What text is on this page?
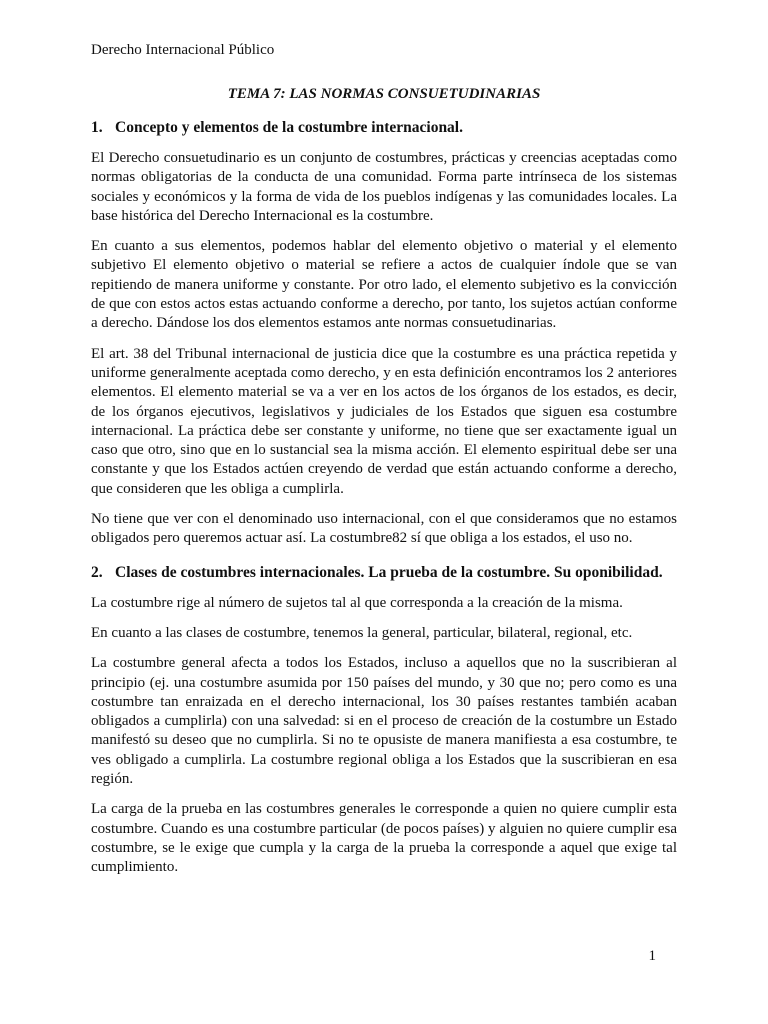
Derecho Internacional Público
TEMA 7: LAS NORMAS CONSUETUDINARIAS
1. Concepto y elementos de la costumbre internacional.

El Derecho consuetudinario es un conjunto de costumbres, prácticas y creencias aceptadas como normas obligatorias de la conducta de una comunidad. Forma parte intrínseca de los sistemas sociales y económicos y la forma de vida de los pueblos indígenas y las comunidades locales. La base histórica del Derecho Internacional es la costumbre.

En cuanto a sus elementos, podemos hablar del elemento objetivo o material y el elemento subjetivo El elemento objetivo o material se refiere a actos de cualquier índole que se van repitiendo de manera uniforme y constante. Por otro lado, el elemento subjetivo es la convicción de que con estos actos estas actuando conforme a derecho, por tanto, los sujetos actúan conforme a derecho. Dándose los dos elementos estamos ante normas consuetudinarias.

El art. 38 del Tribunal internacional de justicia dice que la costumbre es una práctica repetida y uniforme generalmente aceptada como derecho, y en esta definición encontramos los 2 anteriores elementos. El elemento material se va a ver en los actos de los órganos de los estados, es decir, de los órganos ejecutivos, legislativos y judiciales de los Estados que siguen esa costumbre internacional. La práctica debe ser constante y uniforme, no tiene que ser exactamente igual un caso que otro, sino que en lo sustancial sea la misma acción. El elemento espiritual debe ser una constante y que los Estados actúen creyendo de verdad que están actuando conforme a derecho, que consideren que les obliga a cumplirla.

No tiene que ver con el denominado uso internacional, con el que consideramos que no estamos obligados pero queremos actuar así. La costumbre82 sí que obliga a los estados, el uso no.

2. Clases de costumbres internacionales. La prueba de la costumbre. Su oponibilidad.

La costumbre rige al número de sujetos tal al que corresponda a la creación de la misma.

En cuanto a las clases de costumbre, tenemos la general, particular, bilateral, regional, etc.

La costumbre general afecta a todos los Estados, incluso a aquellos que no la suscribieran al principio (ej. una costumbre asumida por 150 países del mundo, y 30 que no; pero como es una costumbre tan enraizada en el derecho internacional, los 30 países restantes también acaban obligados a cumplirla) con una salvedad: si en el proceso de creación de la costumbre un Estado manifestó su deseo que no cumplirla. Si no te opusiste de manera manifiesta a esa costumbre, te ves obligado a cumplirla. La costumbre regional obliga a los Estados que la suscribieran en esa región.

La carga de la prueba en las costumbres generales le corresponde a quien no quiere cumplir esta costumbre. Cuando es una costumbre particular (de pocos países) y alguien no quiere cumplir esa costumbre, se le exige que cumpla y la carga de la prueba la corresponde a aquel que exige tal cumplimiento.

1
